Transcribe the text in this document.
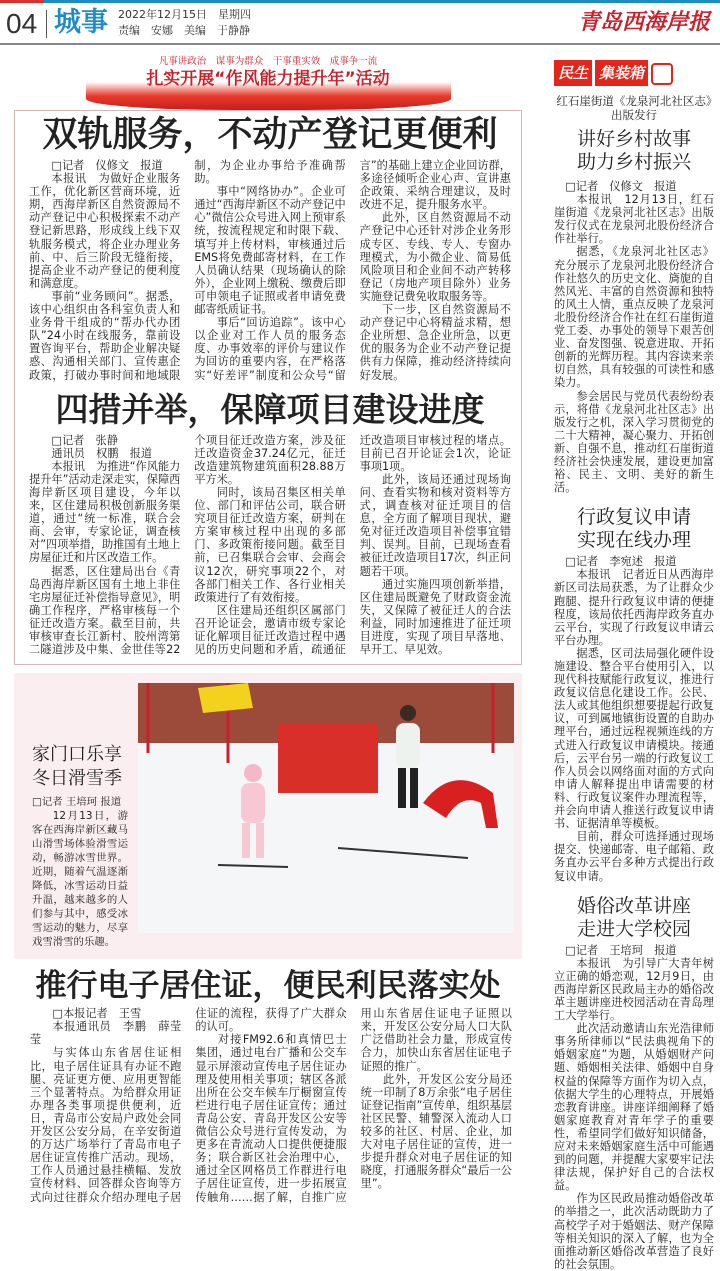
04 城事 2022年12月15日　星期四
责编　安娜　美编　于静静	青岛西海岸报
凡事讲政治　谋事为群众　干事重实效　成事争一流
扎实开展“作风能力提升年”活动
双轨服务，不动产登记更便利

□记者　仪修文　报道

本报讯　为做好企业服务工作，优化新区营商环境，近期，西海岸新区自然资源局不动产登记中心积极探索不动产登记新思路，形成线上线下双轨服务模式，将企业办理业务前、中、后三阶段无缝衔接，提高企业不动产登记的便利度和满意度。

事前“业务顾问”。据悉，该中心组织由各科室负责人和业务骨干组成的“帮办代办团队”24小时在线服务，靠前设置咨询平台，帮助企业解决疑惑、沟通相关部门、宣传惠企政策，打破办事时间和地域限制，为企业办事给予准确帮助。

事中“网络协办”。企业可通过“西海岸新区不动产登记中心”微信公众号进入网上预审系统，按流程规定和时限下载、填写并上传材料，审核通过后EMS将免费邮寄材料，在工作人员确认结果（现场确认的除外），企业网上缴税、缴费后即可申领电子证照或者申请免费邮寄纸质证书。

事后“回访追踪”。该中心以企业对工作人员的服务态度、办事效率的评价与建议作为回访的重要内容，在严格落实“好差评”制度和公众号“留言”的基础上建立企业回访群，多途径倾听企业心声、宣讲惠企政策、采纳合理建议，及时改进不足，提升服务水平。

此外，区自然资源局不动产登记中心还针对涉企业务形成专区、专线、专人、专窗办理模式，为小微企业、简易低风险项目和企业间不动产转移登记（房地产项目除外）业务实施登记费免收取服务等。

下一步，区自然资源局不动产登记中心将精益求精，想企业所想、急企业所急，以更优的服务为企业不动产登记提供有力保障，推动经济持续向好发展。

四措并举，保障项目建设进度

□记者　张静

通讯员　权鹏　报道

本报讯　为推进“作风能力提升年”活动走深走实，保障西海岸新区项目建设，今年以来，区住建局积极创新服务渠道，通过“统一标准，联合会商、会审，专家论证，调查核对”四项举措，助推国有土地上房屋征迁和片区改造工作。

据悉，区住建局出台《青岛西海岸新区国有土地上非住宅房屋征迁补偿指导意见》，明确工作程序，严格审核每一个征迁改造方案。截至目前，共审核审查长江新村、胶州湾第二隧道涉及中集、金世佳等22个项目征迁改造方案，涉及征迁改造资金37.24亿元，征迁改造建筑物建筑面积28.88万平方米。

同时，该局召集区相关单位、部门和评估公司，联合研究项目征迁改造方案，研判在方案审核过程中出现的多部门、多政策衔接问题。截至目前，已召集联合会审、会商会议12次，研究事项22个，对各部门相关工作、各行业相关政策进行了有效衔接。

区住建局还组织区属部门召开论证会，邀请市级专家论证化解项目征迁改造过程中遇见的历史问题和矛盾，疏通征迁改造项目审核过程的堵点。目前已召开论证会1次，论证事项1项。

此外，该局还通过现场询问、查看实物和核对资料等方式，调查核对征迁项目的信息，全方面了解项目现状，避免对征迁改造项目补偿事宜错判、误判。目前，已现场查看被征迁改造项目17次，纠正问题若干项。

通过实施四项创新举措，区住建局既避免了财政资金流失，又保障了被征迁人的合法利益，同时加速推进了征迁项目进度，实现了项目早落地、早开工、早见效。

家门口乐享
冬日滑雪季
□记者 王培珂 报道

12月13日，游客在西海岸新区藏马山滑雪场体验滑雪运动，畅游冰雪世界。近期，随着气温逐渐降低，冰雪运动日益升温，越来越多的人们参与其中，感受冰雪运动的魅力，尽享戏雪滑雪的乐趣。

推行电子居住证，便民利民落实处

□本报记者　王雪

本报通讯员　李鹏　薛莹莹

与实体山东省居住证相比，电子居住证具有办证不跑腿、亮证更方便、应用更智能三个显著特点。为给群众用证办理各类事项提供便利，近日，青岛市公安局户政处会同开发区公安分局，在辛安街道的万达广场举行了青岛市电子居住证宣传推广活动。现场，工作人员通过悬挂横幅、发放宣传材料、回答群众咨询等方式向过往群众介绍办理电子居住证的流程，获得了广大群众的认可。

对接FM92.6和真情巴士集团，通过电台广播和公交车显示屏滚动宣传电子居住证办理及使用相关事项；辖区各派出所在公交车候车厅橱窗宣传栏进行电子居住证宣传；通过青岛公安、青岛开发区公安等微信公众号进行宣传发动，为更多在青流动人口提供便捷服务；联合新区社会治理中心，通过全区网格员工作群进行电子居住证宣传，进一步拓展宣传触角……据了解，自推广应用山东省居住证电子证照以来，开发区公安分局人口大队广泛借助社会力量，形成宣传合力，加快山东省居住证电子证照的推广。

此外，开发区公安分局还统一印制了8万余张“电子居住证登记指南”宣传单，组织基层社区民警、辅警深入流动人口较多的社区、村居、企业，加大对电子居住证的宣传，进一步提升群众对电子居住证的知晓度，打通服务群众“最后一公里”。

民生 集装箱
红石崖街道《龙泉河北社区志》出版发行
讲好乡村故事
助力乡村振兴
□记者　仪修文　报道

本报讯　12月13日，红石崖街道《龙泉河北社区志》出版发行仪式在龙泉河北股份经济合作社举行。

据悉，《龙泉河北社区志》充分展示了龙泉河北股份经济合作社悠久的历史文化、旖旎的自然风光、丰富的自然资源和独特的风土人情，重点反映了龙泉河北股份经济合作社在红石崖街道党工委、办事处的领导下艰苦创业、奋发图强、锐意进取、开拓创新的光辉历程。其内容读来亲切自然，具有较强的可读性和感染力。

参会居民与党员代表纷纷表示，将借《龙泉河北社区志》出版发行之机，深入学习贯彻党的二十大精神，凝心聚力、开拓创新、自强不息，推动红石崖街道经济社会快速发展，建设更加富裕、民主、文明、美好的新生活。

行政复议申请
实现在线办理
□记者　李宛述　报道

本报讯　记者近日从西海岸新区司法局获悉，为了让群众少跑腿、提升行政复议申请的便捷程度，该局依托西海岸政务直办云平台，实现了行政复议申请云平台办理。

据悉，区司法局强化硬件设施建设、整合平台使用引入，以现代科技赋能行政复议，推进行政复议信息化建设工作。公民、法人或其他组织想要提起行政复议，可到属地镇街设置的自助办理平台，通过远程视频连线的方式进入行政复议申请模块。接通后，云平台另一端的行政复议工作人员会以网络面对面的方式向申请人解释提出申请需要的材料、行政复议案件办理流程等，并会向申请人推送行政复议申请书、证据清单等模板。

目前，群众可选择通过现场提交、快递邮寄、电子邮箱、政务直办云平台多种方式提出行政复议申请。

婚俗改革讲座
走进大学校园
□记者　王培珂　报道

本报讯　为引导广大青年树立正确的婚恋观，12月9日，由西海岸新区民政局主办的婚俗改革主题讲座进校园活动在青岛理工大学举行。

此次活动邀请山东光浩律师事务所律师以“民法典视角下的婚姻家庭”为题，从婚姻财产问题、婚姻相关法律、婚姻中自身权益的保障等方面作为切入点，依据大学生的心理特点，开展婚恋教育讲座。讲座详细阐释了婚姻家庭教育对青年学子的重要性，希望同学们做好知识储备，应对未来婚姻家庭生活中可能遇到的问题，并提醒大家要牢记法律法规，保护好自己的合法权益。

作为区民政局推动婚俗改革的举措之一，此次活动既助力了高校学子对于婚姻法、财产保障等相关知识的深入了解，也为全面推动新区婚俗改革营造了良好的社会氛围。
